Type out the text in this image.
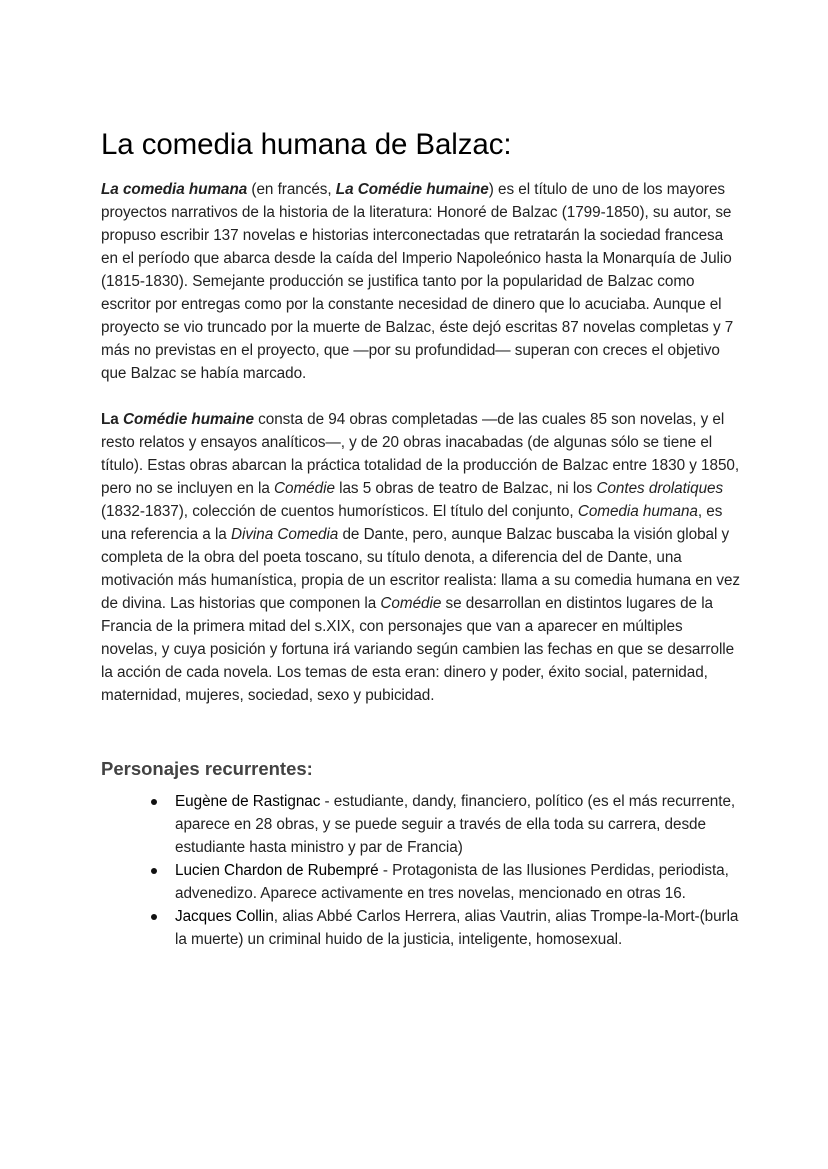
La comedia humana de Balzac:

La comedia humana (en francés, La Comédie humaine) es el título de uno de los mayores proyectos narrativos de la historia de la literatura: Honoré de Balzac (1799-1850), su autor, se propuso escribir 137 novelas e historias interconectadas que retratarán la sociedad francesa en el período que abarca desde la caída del Imperio Napoleónico hasta la Monarquía de Julio (1815-1830). Semejante producción se justifica tanto por la popularidad de Balzac como escritor por entregas como por la constante necesidad de dinero que lo acuciaba. Aunque el proyecto se vio truncado por la muerte de Balzac, éste dejó escritas 87 novelas completas y 7 más no previstas en el proyecto, que —por su profundidad— superan con creces el objetivo que Balzac se había marcado.

La Comédie humaine consta de 94 obras completadas —de las cuales 85 son novelas, y el resto relatos y ensayos analíticos—, y de 20 obras inacabadas (de algunas sólo se tiene el título). Estas obras abarcan la práctica totalidad de la producción de Balzac entre 1830 y 1850, pero no se incluyen en la Comédie las 5 obras de teatro de Balzac, ni los Contes drolatiques (1832-1837), colección de cuentos humorísticos. El título del conjunto, Comedia humana, es una referencia a la Divina Comedia de Dante, pero, aunque Balzac buscaba la visión global y completa de la obra del poeta toscano, su título denota, a diferencia del de Dante, una motivación más humanística, propia de un escritor realista: llama a su comedia humana en vez de divina. Las historias que componen la Comédie se desarrollan en distintos lugares de la Francia de la primera mitad del s.XIX, con personajes que van a aparecer en múltiples novelas, y cuya posición y fortuna irá variando según cambien las fechas en que se desarrolle la acción de cada novela. Los temas de esta eran: dinero y poder, éxito social, paternidad, maternidad, mujeres, sociedad, sexo y pubicidad.

Personajes recurrentes:
Eugène de Rastignac - estudiante, dandy, financiero, político (es el más recurrente, aparece en 28 obras, y se puede seguir a través de ella toda su carrera, desde estudiante hasta ministro y par de Francia)
Lucien Chardon de Rubempré - Protagonista de las Ilusiones Perdidas, periodista, advenedizo. Aparece activamente en tres novelas, mencionado en otras 16.
Jacques Collin, alias Abbé Carlos Herrera, alias Vautrin, alias Trompe-la-Mort-(burla la muerte) un criminal huido de la justicia, inteligente, homosexual.
